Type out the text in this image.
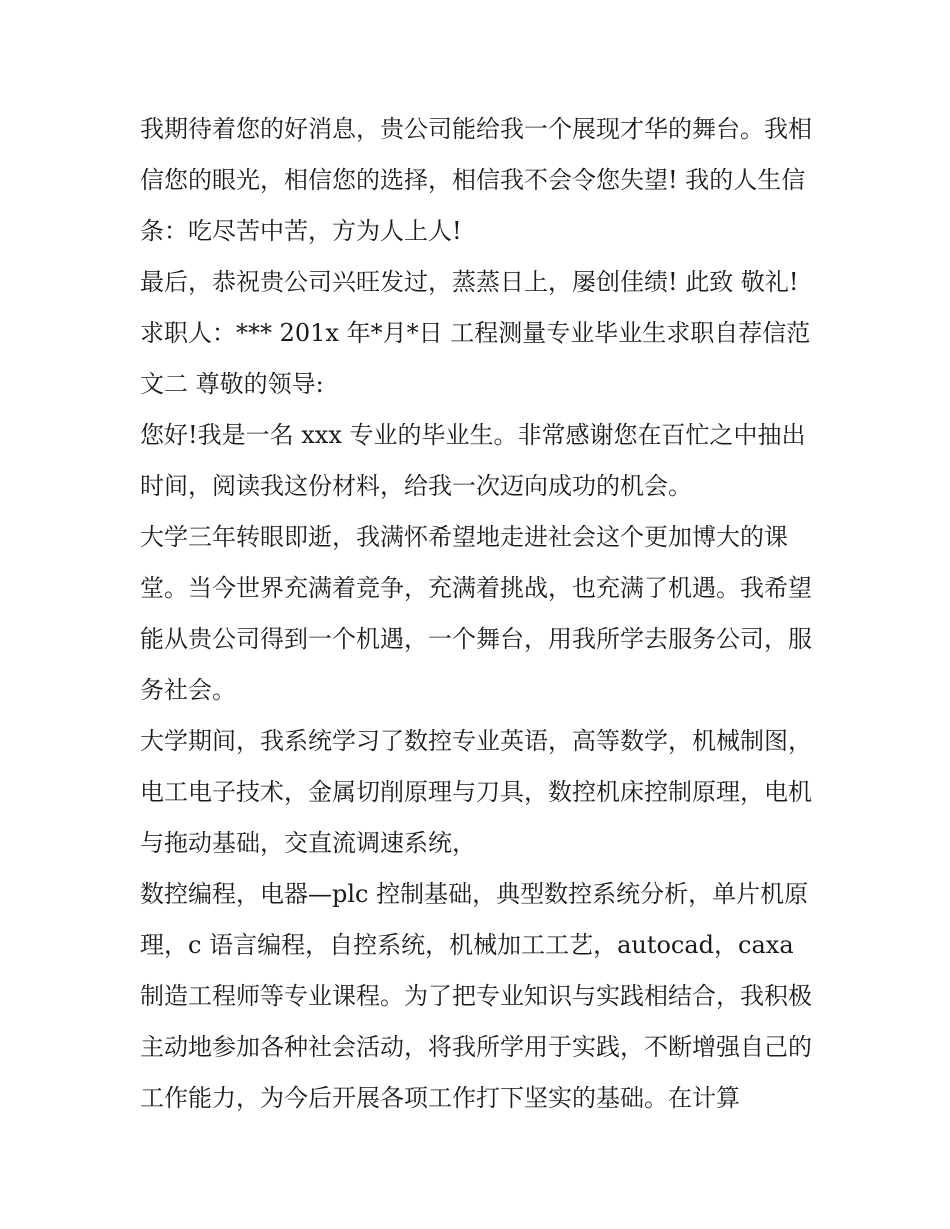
我期待着您的好消息，贵公司能给我一个展现才华的舞台。我相信您的眼光，相信您的选择，相信我不会令您失望! 我的人生信条：吃尽苦中苦，方为人上人!

最后，恭祝贵公司兴旺发过，蒸蒸日上，屡创佳绩! 此致 敬礼! 求职人：*** 201x 年*月*日 工程测量专业毕业生求职自荐信范文二 尊敬的领导:

您好!我是一名 xxx 专业的毕业生。非常感谢您在百忙之中抽出时间，阅读我这份材料，给我一次迈向成功的机会。

大学三年转眼即逝，我满怀希望地走进社会这个更加博大的课堂。当今世界充满着竞争，充满着挑战，也充满了机遇。我希望能从贵公司得到一个机遇，一个舞台，用我所学去服务公司，服务社会。

大学期间，我系统学习了数控专业英语，高等数学，机械制图，电工电子技术，金属切削原理与刀具，数控机床控制原理，电机与拖动基础，交直流调速系统，

数控编程，电器—plc 控制基础，典型数控系统分析，单片机原理，c 语言编程，自控系统，机械加工工艺，autocad，caxa 制造工程师等专业课程。为了把专业知识与实践相结合，我积极主动地参加各种社会活动，将我所学用于实践，不断增强自己的工作能力，为今后开展各项工作打下坚实的基础。在计算
